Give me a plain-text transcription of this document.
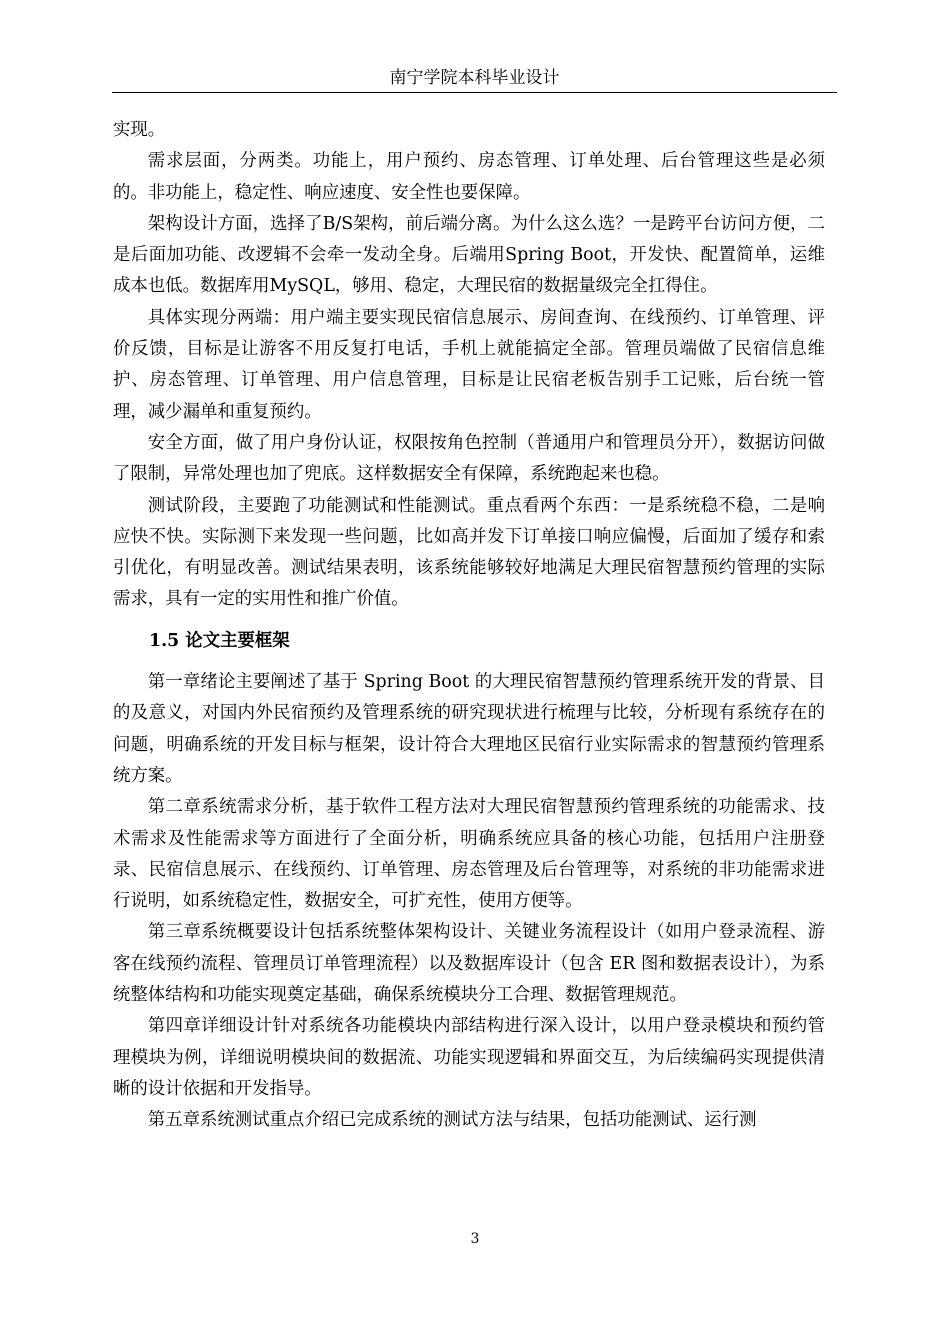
南宁学院本科毕业设计

实现。

需求层面，分两类。功能上，用户预约、房态管理、订单处理、后台管理这些是必须的。非功能上，稳定性、响应速度、安全性也要保障。

架构设计方面，选择了B/S架构，前后端分离。为什么这么选？一是跨平台访问方便，二是后面加功能、改逻辑不会牵一发动全身。后端用Spring Boot，开发快、配置简单，运维成本也低。数据库用MySQL，够用、稳定，大理民宿的数据量级完全扛得住。

具体实现分两端：用户端主要实现民宿信息展示、房间查询、在线预约、订单管理、评价反馈，目标是让游客不用反复打电话，手机上就能搞定全部。管理员端做了民宿信息维护、房态管理、订单管理、用户信息管理，目标是让民宿老板告别手工记账，后台统一管理，减少漏单和重复预约。

安全方面，做了用户身份认证，权限按角色控制（普通用户和管理员分开），数据访问做了限制，异常处理也加了兜底。这样数据安全有保障，系统跑起来也稳。

测试阶段，主要跑了功能测试和性能测试。重点看两个东西：一是系统稳不稳，二是响应快不快。实际测下来发现一些问题，比如高并发下订单接口响应偏慢，后面加了缓存和索引优化，有明显改善。测试结果表明，该系统能够较好地满足大理民宿智慧预约管理的实际需求，具有一定的实用性和推广价值。

1.5 论文主要框架

第一章绪论主要阐述了基于 Spring Boot 的大理民宿智慧预约管理系统开发的背景、目的及意义，对国内外民宿预约及管理系统的研究现状进行梳理与比较，分析现有系统存在的问题，明确系统的开发目标与框架，设计符合大理地区民宿行业实际需求的智慧预约管理系统方案。

第二章系统需求分析，基于软件工程方法对大理民宿智慧预约管理系统的功能需求、技术需求及性能需求等方面进行了全面分析，明确系统应具备的核心功能，包括用户注册登录、民宿信息展示、在线预约、订单管理、房态管理及后台管理等，对系统的非功能需求进行说明，如系统稳定性，数据安全，可扩充性，使用方便等。

第三章系统概要设计包括系统整体架构设计、关键业务流程设计（如用户登录流程、游客在线预约流程、管理员订单管理流程）以及数据库设计（包含 ER 图和数据表设计），为系统整体结构和功能实现奠定基础，确保系统模块分工合理、数据管理规范。

第四章详细设计针对系统各功能模块内部结构进行深入设计，以用户登录模块和预约管理模块为例，详细说明模块间的数据流、功能实现逻辑和界面交互，为后续编码实现提供清晰的设计依据和开发指导。

第五章系统测试重点介绍已完成系统的测试方法与结果，包括功能测试、运行测

3
